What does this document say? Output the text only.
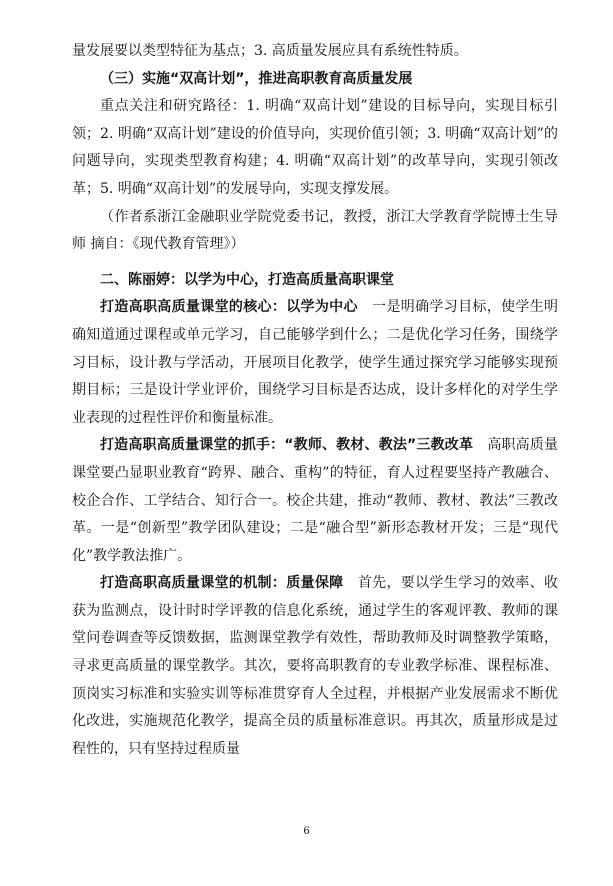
量发展要以类型特征为基点；3. 高质量发展应具有系统性特质。

（三）实施“双高计划”，推进高职教育高质量发展

重点关注和研究路径：1. 明确“双高计划”建设的目标导向，实现目标引领；2. 明确“双高计划”建设的价值导向，实现价值引领；3. 明确“双高计划”的问题导向，实现类型教育构建；4. 明确“双高计划”的改革导向，实现引领改革；5. 明确“双高计划”的发展导向，实现支撑发展。

（作者系浙江金融职业学院党委书记，教授，浙江大学教育学院博士生导师 摘自：《现代教育管理》）

二、陈丽婷：以学为中心，打造高质量高职课堂

打造高职高质量课堂的核心：以学为中心　 一是明确学习目标，使学生明确知道通过课程或单元学习，自己能够学到什么；二是优化学习任务，围绕学习目标，设计教与学活动，开展项目化教学，使学生通过探究学习能够实现预期目标；三是设计学业评价，围绕学习目标是否达成，设计多样化的对学生学业表现的过程性评价和衡量标准。

打造高职高质量课堂的抓手：“教师、教材、教法”三教改革　 高职高质量课堂要凸显职业教育“跨界、融合、重构”的特征，育人过程要坚持产教融合、校企合作、工学结合、知行合一。校企共建，推动“教师、教材、教法”三教改革。一是“创新型”教学团队建设；二是“融合型”新形态教材开发；三是“现代化”教学教法推广。

打造高职高质量课堂的机制：质量保障　 首先，要以学生学习的效率、收获为监测点，设计时时学评教的信息化系统，通过学生的客观评教、教师的课堂问卷调查等反馈数据，监测课堂教学有效性，帮助教师及时调整教学策略，寻求更高质量的课堂教学。其次，要将高职教育的专业教学标准、课程标准、顶岗实习标准和实验实训等标准贯穿育人全过程，并根据产业发展需求不断优化改进，实施规范化教学，提高全员的质量标准意识。再其次，质量形成是过程性的，只有坚持过程质量

6
